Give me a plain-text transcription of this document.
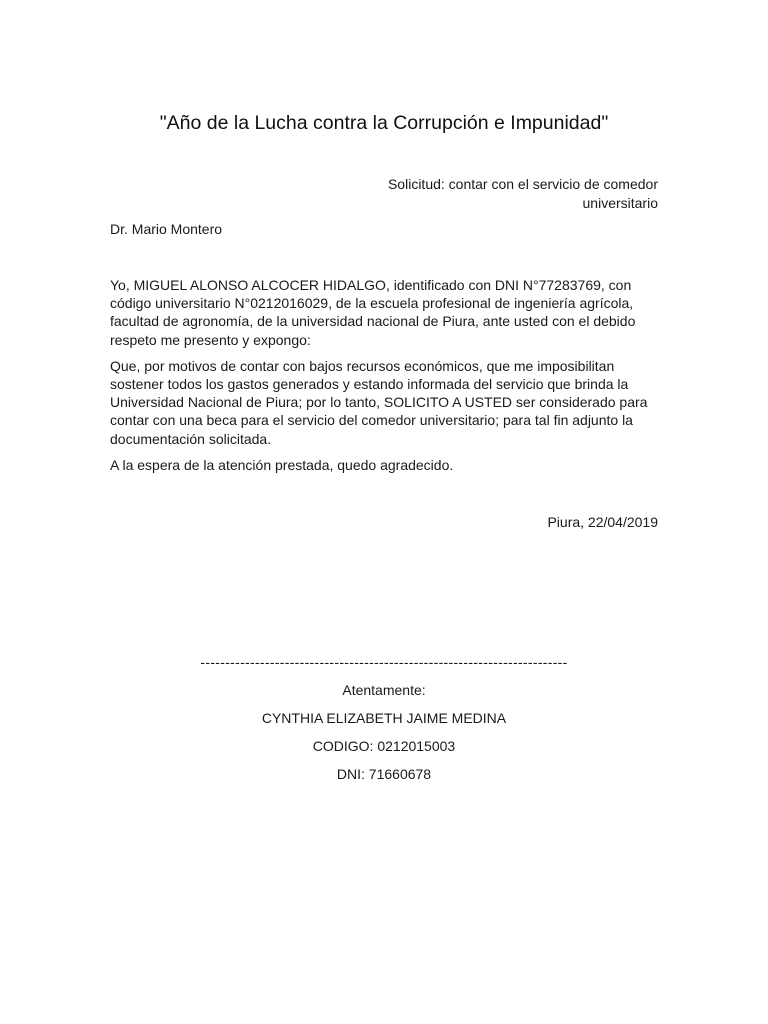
"Año de la Lucha contra la Corrupción e Impunidad"
Solicitud: contar con el servicio de comedor universitario
Dr. Mario Montero

Yo, MIGUEL ALONSO ALCOCER HIDALGO, identificado con DNI N°77283769, con código universitario N°0212016029, de la escuela profesional de ingeniería agrícola, facultad de agronomía, de la universidad nacional de Piura, ante usted con el debido respeto me presento y expongo:

Que, por motivos de contar con bajos recursos económicos, que me imposibilitan sostener todos los gastos generados y estando informada del servicio que brinda la Universidad Nacional de Piura; por lo tanto, SOLICITO A USTED ser considerado para contar con una beca para el servicio del comedor universitario; para tal fin adjunto la documentación solicitada.

A la espera de la atención prestada, quedo agradecido.

Piura, 22/04/2019
--------------------------------------------------------------------------
Atentamente:
CYNTHIA ELIZABETH JAIME MEDINA
CODIGO: 0212015003
DNI: 71660678
